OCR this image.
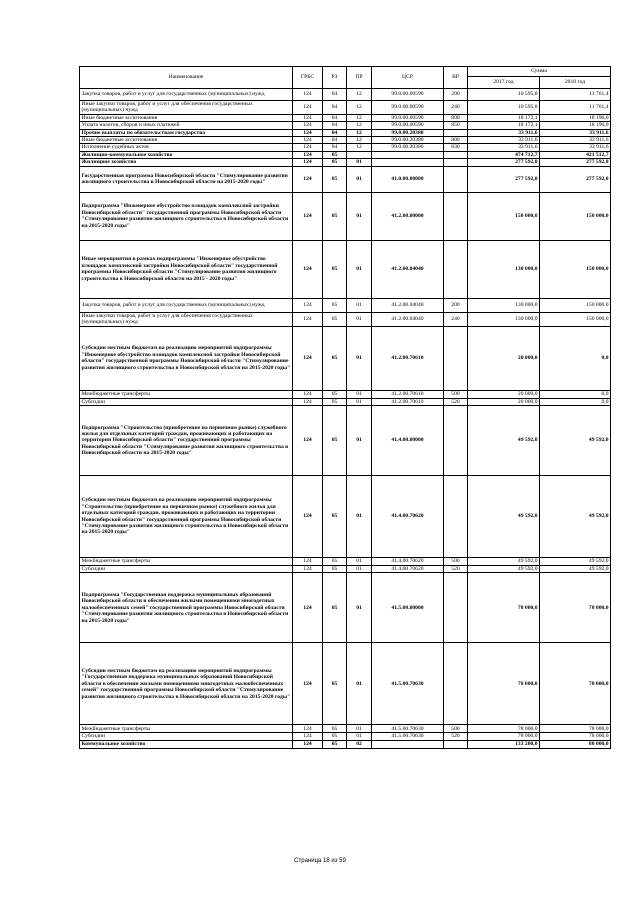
Наименование	ГРБС	РЗ	ПР	ЦСР	ВР	Сумма	
						2017 год	2018 год
Закупка товаров, работ и услуг для государственных (муниципальных) нужд	124	04	12	99.0.00.00590	200	10 595,8	11 761,4
Иные закупки товаров, работ и услуг для обеспечения государственных (муниципальных) нужд	124	04	12	99.0.00.00590	240	10 595,8	11 761,4
Иные бюджетные ассигнования	124	04	12	99.0.00.00590	800	18 172,1	18 196,0
Уплата налогов, сборов и иных платежей	124	04	12	99.0.00.00590	850	18 172,1	18 196,0
Прочие выплаты по обязательствам государства	124	04	12	99.0.00.20380		33 911,6	33 911,6
Иные бюджетные ассигнования	124	04	12	99.0.00.20380	800	33 911,6	33 911,6
Исполнение судебных актов	124	04	12	99.0.00.20380	830	33 911,6	33 911,6
Жилищно-коммунальное хозяйство	124	05				474 712,7	421 512,7
Жилищное хозяйство	124	05	01			277 592,0	277 592,0
Государственная программа Новосибирской области "Стимулирование развития жилищного строительства в Новосибирской области на 2015-2020 годы"	124	05	01	41.0.00.00000		277 592,0	277 592,0
Подпрограмма "Инженерное обустройство площадок комплексной застройки Новосибирской области" государственной программы Новосибирской области "Стимулирование развития жилищного строительства в Новосибирской области на 2015-2020 годы"	124	05	01	41.2.00.00000		150 000,0	150 000,0
Иные мероприятия в рамках подпрограммы "Инженерное обустройство площадок комплексной застройки Новосибирской области" государственной программы Новосибирской области "Стимулирование развития жилищного строительства в Новосибирской области на 2015 - 2020 годы"	124	05	01	41.2.00.04040		130 000,0	150 000,0
Закупка товаров, работ и услуг для государственных (муниципальных) нужд	124	05	01	41.2.00.04040	200	130 000,0	150 000,0
Иные закупки товаров, работ и услуг для обеспечения государственных (муниципальных) нужд	124	05	01	41.2.00.04040	240	130 000,0	150 000,0
Субсидии местным бюджетам на реализацию мероприятий подпрограммы "Инженерное обустройство площадок комплексной застройки Новосибирской области" государственной программы Новосибирской области "Стимулирование развития жилищного строительства в Новосибирской области на 2015-2020 годы"	124	05	01	41.2.00.70610		20 000,0	0,0
Межбюджетные трансферты	124	05	01	41.2.00.70610	500	20 000,0	0,0
Субсидии	124	05	01	41.2.00.70610	520	20 000,0	0,0
Подпрограмма "Строительство (приобретение на первичном рынке) служебного жилья для отдельных категорий граждан, проживающих и работающих на территории Новосибирской области" государственной программы Новосибирской области "Стимулирование развития жилищного строительства в Новосибирской области на 2015-2020 годы"	124	05	01	41.4.00.00000		49 592,0	49 592,0
Субсидии местным бюджетам на реализацию мероприятий подпрограммы "Строительство (приобретение на первичном рынке) служебного жилья для отдельных категорий граждан, проживающих и работающих на территории Новосибирской области" государственной программы Новосибирской области "Стимулирование развития жилищного строительства в Новосибирской области на 2015-2020 годы"	124	05	01	41.4.00.70620		49 592,0	49 592,0
Межбюджетные трансферты	124	05	01	41.4.00.70620	500	49 592,0	49 592,0
Субсидии	124	05	01	41.4.00.70620	520	49 592,0	49 592,0
Подпрограмма "Государственная поддержка муниципальных образований Новосибирской области в обеспечении жилыми помещениями многодетных малообеспеченных семей" государственной программы Новосибирской области "Стимулирование развития жилищного строительства в Новосибирской области на 2015-2020 годы"	124	05	01	41.5.00.00000		78 000,0	78 000,0
Субсидии местным бюджетам на реализацию мероприятий подпрограммы "Государственная поддержка муниципальных образований Новосибирской области в обеспечении жилыми помещениями многодетных малообеспеченных семей" государственной программы Новосибирской области "Стимулирование развития жилищного строительства в Новосибирской области на 2015-2020 годы"	124	05	01	41.5.00.70630		78 000,0	78 000,0
Межбюджетные трансферты	124	05	01	41.5.00.70630	500	78 000,0	78 000,0
Субсидии	124	05	01	41.5.00.70630	520	78 000,0	78 000,0
Коммунальное хозяйство	124	05	02			133 200,0	80 000,0
Страница 18 из 59
